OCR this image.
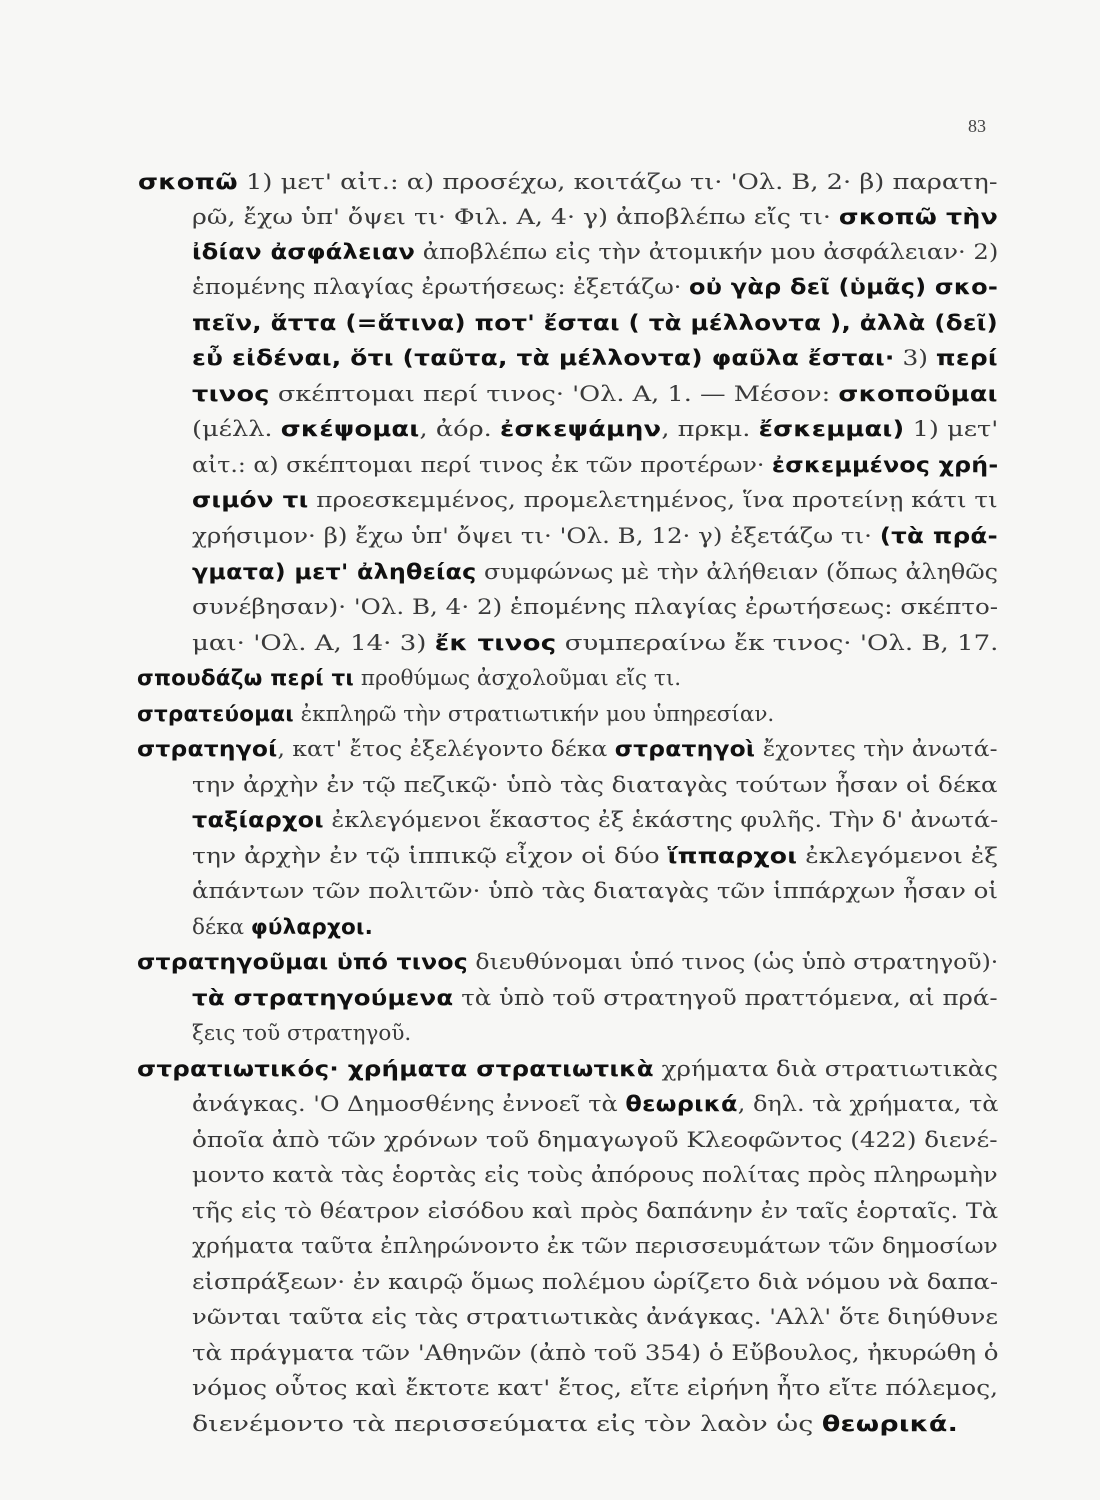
83
σκοπῶ 1) μετ' αἰτ.: α) προσέχω, κοιτάζω τι· 'Ολ. Β, 2· β) παρατη-
ρῶ, ἔχω ὑπ' ὄψει τι· Φιλ. Α, 4· γ) ἀποβλέπω εἴς τι· σκοπῶ τὴν
ἰδίαν ἀσφάλειαν ἀποβλέπω εἰς τὴν ἀτομικήν μου ἀσφάλειαν· 2)
ἑπομένης πλαγίας ἐρωτήσεως: ἐξετάζω· οὐ γὰρ δεῖ (ὑμᾶς) σκο-
πεῖν, ἅττα (=ἅτινα) ποτ' ἔσται ( τὰ μέλλοντα ), ἀλλὰ (δεῖ)
εὖ εἰδέναι, ὅτι (ταῦτα, τὰ μέλλοντα) φαῦλα ἔσται· 3) περί
τινος σκέπτομαι περί τινος· 'Ολ. Α, 1. — Μέσον: σκοποῦμαι
(μέλλ. σκέψομαι, ἀόρ. ἐσκεψάμην, πρκμ. ἔσκεμμαι) 1) μετ'
αἰτ.: α) σκέπτομαι περί τινος ἐκ τῶν προτέρων· ἐσκεμμένος χρή-
σιμόν τι προεσκεμμένος, προμελετημένος, ἵνα προτείνῃ κάτι τι
χρήσιμον· β) ἔχω ὑπ' ὄψει τι· 'Ολ. Β, 12· γ) ἐξετάζω τι· (τὰ πρά-
γματα) μετ' ἀληθείας συμφώνως μὲ τὴν ἀλήθειαν (ὅπως ἀληθῶς
συνέβησαν)· 'Ολ. Β, 4· 2) ἑπομένης πλαγίας ἐρωτήσεως: σκέπτο-
μαι· 'Ολ. Α, 14· 3) ἔκ τινος συμπεραίνω ἔκ τινος· 'Ολ. Β, 17.
σπουδάζω περί τι προθύμως ἀσχολοῦμαι εἴς τι.
στρατεύομαι ἐκπληρῶ τὴν στρατιωτικήν μου ὑπηρεσίαν.
στρατηγοί, κατ' ἔτος ἐξελέγοντο δέκα στρατηγοὶ ἔχοντες τὴν ἀνωτά-
την ἀρχὴν ἐν τῷ πεζικῷ· ὑπὸ τὰς διαταγὰς τούτων ἦσαν οἱ δέκα
ταξίαρχοι ἐκλεγόμενοι ἕκαστος ἐξ ἑκάστης φυλῆς. Τὴν δ' ἀνωτά-
την ἀρχὴν ἐν τῷ ἱππικῷ εἶχον οἱ δύο ἵππαρχοι ἐκλεγόμενοι ἐξ
ἁπάντων τῶν πολιτῶν· ὑπὸ τὰς διαταγὰς τῶν ἱππάρχων ἦσαν οἱ
δέκα φύλαρχοι.
στρατηγοῦμαι ὑπό τινος διευθύνομαι ὑπό τινος (ὡς ὑπὸ στρατηγοῦ)·
τὰ στρατηγούμενα τὰ ὑπὸ τοῦ στρατηγοῦ πραττόμενα, αἱ πρά-
ξεις τοῦ στρατηγοῦ.
στρατιωτικός· χρήματα στρατιωτικὰ χρήματα διὰ στρατιωτικὰς
ἀνάγκας. 'Ο Δημοσθένης ἐννοεῖ τὰ θεωρικά, δηλ. τὰ χρήματα, τὰ
ὁποῖα ἀπὸ τῶν χρόνων τοῦ δημαγωγοῦ Κλεοφῶντος (422) διενέ-
μοντο κατὰ τὰς ἑορτὰς εἰς τοὺς ἀπόρους πολίτας πρὸς πληρωμὴν
τῆς εἰς τὸ θέατρον εἰσόδου καὶ πρὸς δαπάνην ἐν ταῖς ἑορταῖς. Τὰ
χρήματα ταῦτα ἐπληρώνοντο ἐκ τῶν περισσευμάτων τῶν δημοσίων
εἰσπράξεων· ἐν καιρῷ ὅμως πολέμου ὡρίζετο διὰ νόμου νὰ δαπα-
νῶνται ταῦτα εἰς τὰς στρατιωτικὰς ἀνάγκας. 'Αλλ' ὅτε διηύθυνε
τὰ πράγματα τῶν 'Αθηνῶν (ἀπὸ τοῦ 354) ὁ Εὔβουλος, ἠκυρώθη ὁ
νόμος οὗτος καὶ ἔκτοτε κατ' ἔτος, εἴτε εἰρήνη ἦτο εἴτε πόλεμος,
διενέμοντο τὰ περισσεύματα εἰς τὸν λαὸν ὡς θεωρικά.
